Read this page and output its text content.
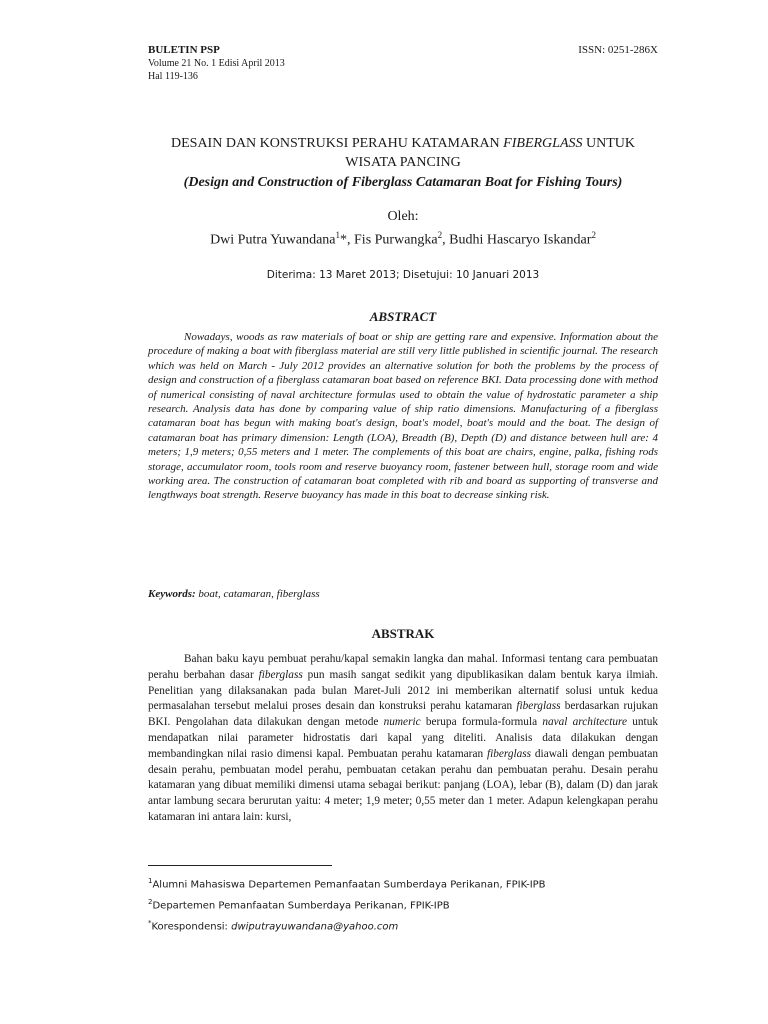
BULETIN PSP
Volume 21 No. 1 Edisi April 2013
Hal 119-136
ISSN: 0251-286X
DESAIN DAN KONSTRUKSI PERAHU KATAMARAN FIBERGLASS UNTUK
WISATA PANCING
(Design and Construction of Fiberglass Catamaran Boat for Fishing Tours)
Oleh:
Dwi Putra Yuwandana$^1$*, Fis Purwangka$^2$, Budhi Hascaryo Iskandar$^2$
Diterima: 13 Maret 2013; Disetujui: 10 Januari 2013
ABSTRACT
Nowadays, woods as raw materials of boat or ship are getting rare and expensive. Information about the procedure of making a boat with fiberglass material are still very little published in scientific journal. The research which was held on March - July 2012 provides an alternative solution for both the problems by the process of design and construction of a fiberglass catamaran boat based on reference BKI. Data processing done with method of numerical consisting of naval architecture formulas used to obtain the value of hydrostatic parameter a ship research. Analysis data has done by comparing value of ship ratio dimensions. Manufacturing of a fiberglass catamaran boat has begun with making boat's design, boat's model, boat's mould and the boat. The design of catamaran boat has primary dimension: Length (LOA), Breadth (B), Depth (D) and distance between hull are: 4 meters; 1,9 meters; 0,55 meters and 1 meter. The complements of this boat are chairs, engine, palka, fishing rods storage, accumulator room, tools room and reserve buoyancy room, fastener between hull, storage room and wide working area. The construction of catamaran boat completed with rib and board as supporting of transverse and lengthways boat strength. Reserve buoyancy has made in this boat to decrease sinking risk.
Keywords: boat, catamaran, fiberglass
ABSTRAK
Bahan baku kayu pembuat perahu/kapal semakin langka dan mahal. Informasi tentang cara pembuatan perahu berbahan dasar fiberglass pun masih sangat sedikit yang dipublikasikan dalam bentuk karya ilmiah. Penelitian yang dilaksanakan pada bulan Maret-Juli 2012 ini memberikan alternatif solusi untuk kedua permasalahan tersebut melalui proses desain dan konstruksi perahu katamaran fiberglass berdasarkan rujukan BKI. Pengolahan data dilakukan dengan metode numeric berupa formula-formula naval architecture untuk mendapatkan nilai parameter hidrostatis dari kapal yang diteliti. Analisis data dilakukan dengan membandingkan nilai rasio dimensi kapal. Pembuatan perahu katamaran fiberglass diawali dengan pembuatan desain perahu, pembuatan model perahu, pembuatan cetakan perahu dan pembuatan perahu. Desain perahu katamaran yang dibuat memiliki dimensi utama sebagai berikut: panjang (LOA), lebar (B), dalam (D) dan jarak antar lambung secara berurutan yaitu: 4 meter; 1,9 meter; 0,55 meter dan 1 meter. Adapun kelengkapan perahu katamaran ini antara lain: kursi,
$^1$Alumni Mahasiswa Departemen Pemanfaatan Sumberdaya Perikanan, FPIK-IPB
$^2$Departemen Pemanfaatan Sumberdaya Perikanan, FPIK-IPB
*Korespondensi: dwiputrayuwandana@yahoo.com
